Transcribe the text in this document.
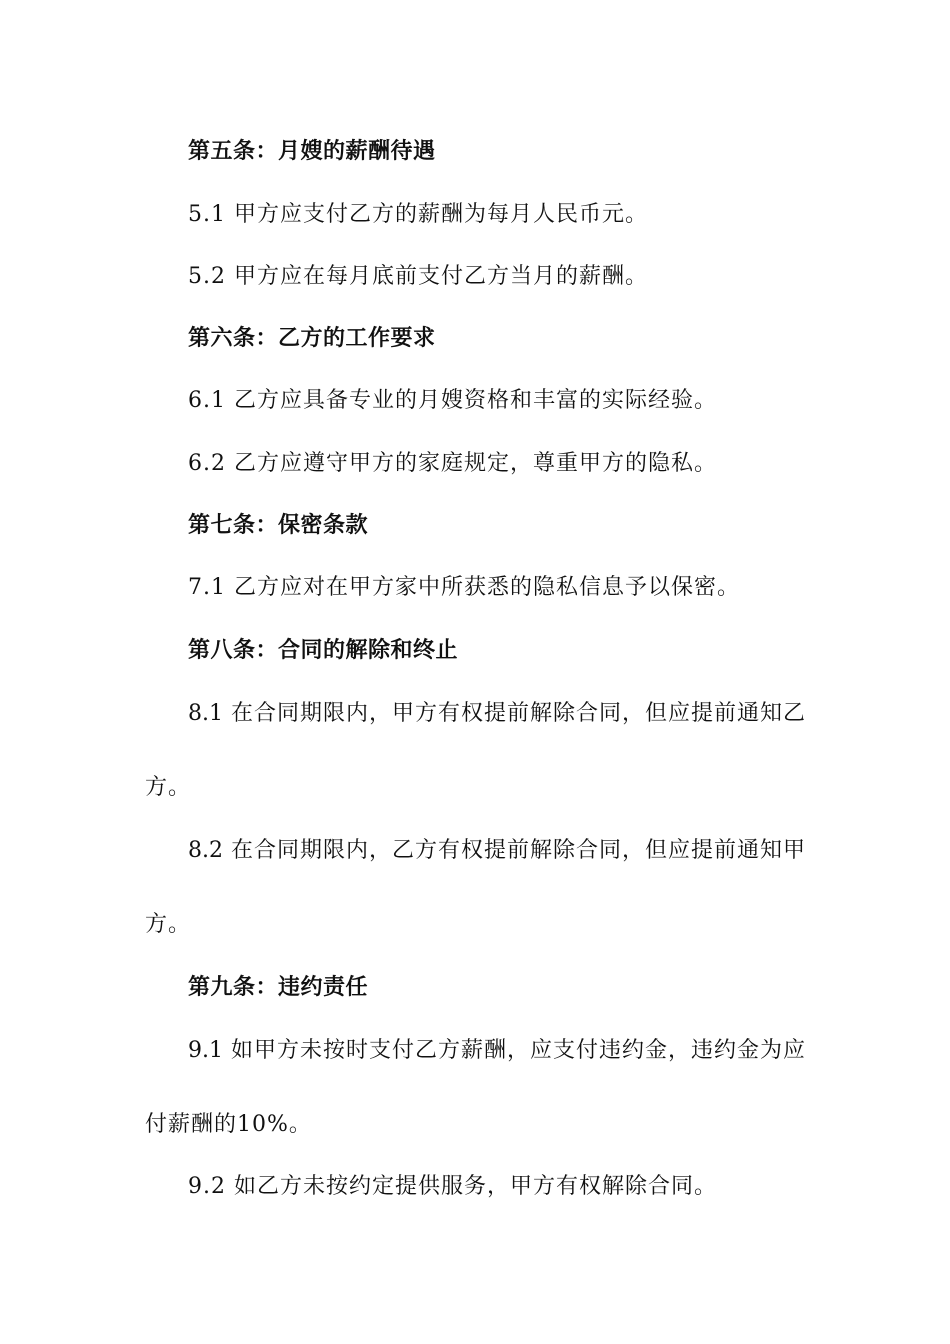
第五条：月嫂的薪酬待遇
5.1 甲方应支付乙方的薪酬为每月人民币元。
5.2 甲方应在每月底前支付乙方当月的薪酬。
第六条：乙方的工作要求
6.1 乙方应具备专业的月嫂资格和丰富的实际经验。
6.2 乙方应遵守甲方的家庭规定，尊重甲方的隐私。
第七条：保密条款
7.1 乙方应对在甲方家中所获悉的隐私信息予以保密。
第八条：合同的解除和终止
8.1 在合同期限内，甲方有权提前解除合同，但应提前通知乙
方。
8.2 在合同期限内，乙方有权提前解除合同，但应提前通知甲
方。
第九条：违约责任
9.1 如甲方未按时支付乙方薪酬，应支付违约金，违约金为应
付薪酬的10%。
9.2 如乙方未按约定提供服务，甲方有权解除合同。
